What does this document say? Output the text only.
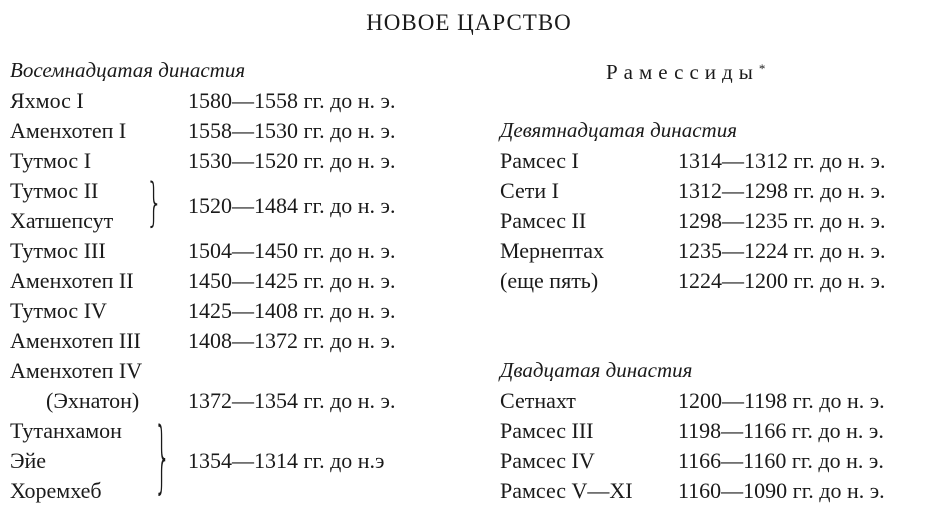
НОВОЕ ЦАРСТВО
Восемнадцатая династия
Яхмос I	1580—1558 гг. до н. э.
Аменхотеп I	1558—1530 гг. до н. э.
Тутмос I	1530—1520 гг. до н. э.
Тутмос II
Хатшепсут } 1520—1484 гг. до н. э.
Тутмос III	1504—1450 гг. до н. э.
Аменхотеп II 1450—1425 гг. до н. э.
Тутмос IV	1425—1408 гг. до н. э.
Аменхотеп III 1408—1372 гг. до н. э.
Аменхотеп IV
(Эхнатон) 1372—1354 гг. до н. э.
Тутанхамон
Эйе
Хоремхеб } 1354—1314 гг. до н.э
Рамессиды*
Девятнадцатая династия
Рамсес I	1314—1312 гг. до н. э.
Сети I	1312—1298 гг. до н. э.
Рамсес II	1298—1235 гг. до н. э.
Мернептах	1235—1224 гг. до н. э.
(еще пять)	1224—1200 гг. до н. э.
Двадцатая династия
Сетнахт	1200—1198 гг. до н. э.
Рамсес III	1198—1166 гг. до н. э.
Рамсес IV	1166—1160 гг. до н. э.
Рамсес V—XI 1160—1090 гг. до н. э.
